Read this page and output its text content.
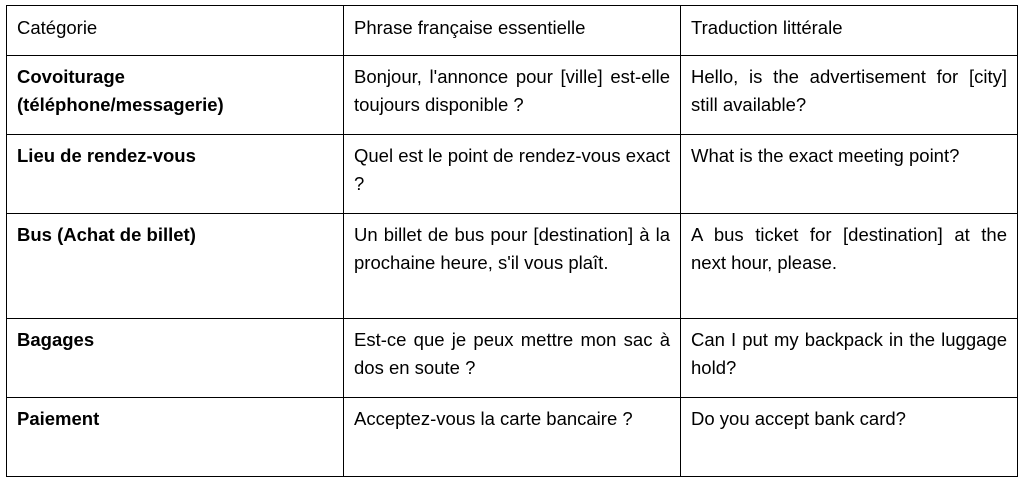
Catégorie	Phrase française essentielle	Traduction littérale
Covoiturage (téléphone/messagerie)	Bonjour, l'annonce pour [ville] est-elle toujours disponible ?	Hello, is the advertisement for [city] still available?
Lieu de rendez-vous	Quel est le point de rendez-vous exact ?	What is the exact meeting point?
Bus (Achat de billet)	Un billet de bus pour [destination] à la prochaine heure, s'il vous plaît.	A bus ticket for [destination] at the next hour, please.
Bagages	Est-ce que je peux mettre mon sac à dos en soute ?	Can I put my backpack in the luggage hold?
Paiement	Acceptez-vous la carte bancaire ?	Do you accept bank card?
